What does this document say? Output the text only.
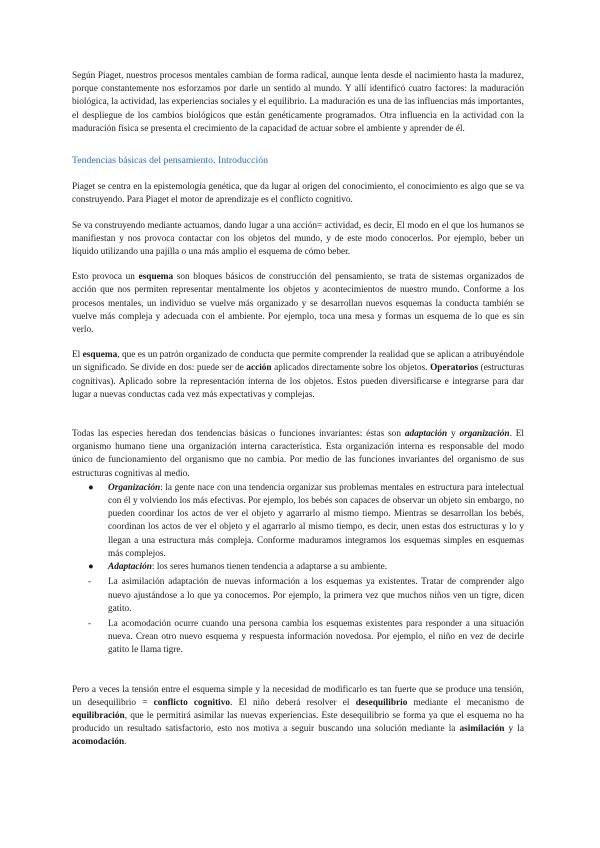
Según Piaget, nuestros procesos mentales cambian de forma radical, aunque lenta desde el nacimiento hasta la madurez, porque constantemente nos esforzamos por darle un sentido al mundo. Y allí identificó cuatro factores: la maduración biológica, la actividad, las experiencias sociales y el equilibrio. La maduración es una de las influencias más importantes, el despliegue de los cambios biológicos que están genéticamente programados. Otra influencia en la actividad con la maduración física se presenta el crecimiento de la capacidad de actuar sobre el ambiente y aprender de él.

Tendencias básicas del pensamiento. Introducción

Piaget se centra en la epistemología genética, que da lugar al origen del conocimiento, el conocimiento es algo que se va construyendo. Para Piaget el motor de aprendizaje es el conflicto cognitivo.

Se va construyendo mediante actuamos, dando lugar a una acción= actividad, es decir, El modo en el que los humanos se manifiestan y nos provoca contactar con los objetos del mundo, y de este modo conocerlos. Por ejemplo, beber un líquido utilizando una pajilla o una más amplio el esquema de cómo beber.

Esto provoca un esquema son bloques básicos de construcción del pensamiento, se trata de sistemas organizados de acción que nos permiten representar mentalmente los objetos y acontecimientos de nuestro mundo. Conforme a los procesos mentales, un individuo se vuelve más organizado y se desarrollan nuevos esquemas la conducta también se vuelve más compleja y adecuada con el ambiente. Por ejemplo, toca una mesa y formas un esquema de lo que es sin verlo.

El esquema, que es un patrón organizado de conducta que permite comprender la realidad que se aplican a atribuyéndole un significado. Se divide en dos: puede ser de acción aplicados directamente sobre los objetos. Operatorios (estructuras cognitivas). Aplicado sobre la representación interna de los objetos. Estos pueden diversificarse e integrarse para dar lugar a nuevas conductas cada vez más expectativas y complejas.

Todas las especies heredan dos tendencias básicas o funciones invariantes: éstas son adaptación y organización. El organismo humano tiene una organización interna característica. Esta organización interna es responsable del modo único de funcionamiento del organismo que no cambia. Por medio de las funciones invariantes del organismo de sus estructuras cognitivas al medio.

● Organización: la gente nace con una tendencia organizar sus problemas mentales en estructura para intelectual con él y volviendo los más efectivas. Por ejemplo, los bebés son capaces de observar un objeto sin embargo, no pueden coordinar los actos de ver el objeto y agarrarlo al mismo tiempo. Mientras se desarrollan los bebés, coordinan los actos de ver el objeto y el agarrarlo al mismo tiempo, es decir, unen estas dos estructuras y lo y llegan a una estructura más compleja. Conforme maduramos integramos los esquemas simples en esquemas más complejos.
● Adaptación: los seres humanos tienen tendencia a adaptarse a su ambiente.
- La asimilación adaptación de nuevas información a los esquemas ya existentes. Tratar de comprender algo nuevo ajustándose a lo que ya conocemos. Por ejemplo, la primera vez que muchos niños ven un tigre, dicen gatito.
- La acomodación ocurre cuando una persona cambia los esquemas existentes para responder a una situación nueva. Crean otro nuevo esquema y respuesta información novedosa. Por ejemplo, el niño en vez de decirle gatito le llama tigre.

Pero a veces la tensión entre el esquema simple y la necesidad de modificarlo es tan fuerte que se produce una tensión, un desequilibrio = conflicto cognitivo. El niño deberá resolver el desequilibrio mediante el mecanismo de equilibración, que le permitirá asimilar las nuevas experiencias. Este desequilibrio se forma ya que el esquema no ha producido un resultado satisfactorio, esto nos motiva a seguir buscando una solución mediante la asimilación y la acomodación.
